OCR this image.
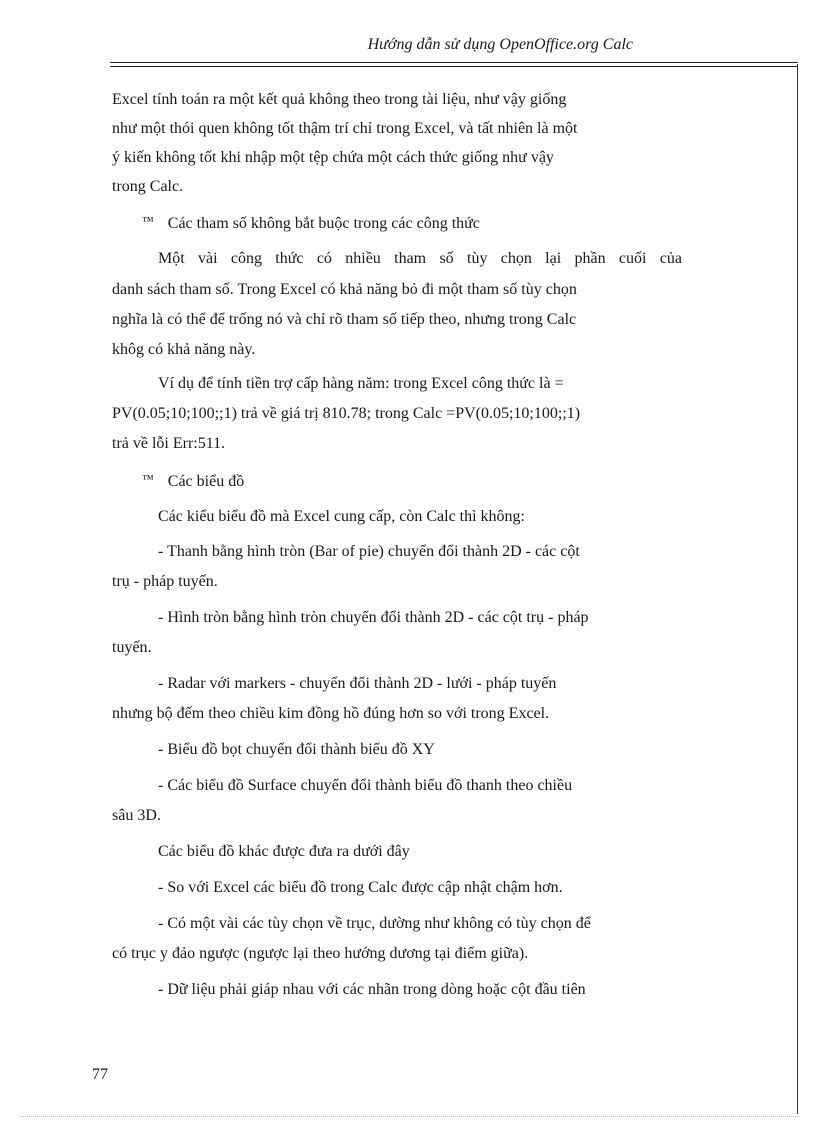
Hướng dẫn sử dụng OpenOffice.org Calc
Excel tính toán ra một kết quả không theo trong tài liệu, như vậy giống
như một thói quen không tốt thậm trí chỉ trong Excel, và tất nhiên là một
ý kiến không tốt khi nhập một tệp chứa một cách thức giống như vậy
trong Calc.
™ Các tham số không bắt buộc trong các công thức
Một vài công thức có nhiều tham số tùy chọn lại phần cuối của
danh sách tham số. Trong Excel có khả năng bỏ đi một tham số tùy chọn
nghĩa là có thể để trống nó và chỉ rõ tham số tiếp theo, nhưng trong Calc
khôg có khả năng này.
Ví dụ để tính tiền trợ cấp hàng năm: trong Excel công thức là =
PV(0.05;10;100;;1) trả về giá trị 810.78; trong Calc =PV(0.05;10;100;;1)
trả về lỗi Err:511.
™ Các biểu đồ
Các kiểu biểu đồ mà Excel cung cấp, còn Calc thì không:
- Thanh bằng hình tròn (Bar of pie) chuyển đổi thành 2D - các cột
trụ - pháp tuyến.
- Hình tròn bằng hình tròn chuyển đổi thành 2D - các cột trụ - pháp
tuyến.
- Radar với markers - chuyển đổi thành 2D - lưới - pháp tuyến
nhưng bộ đếm theo chiều kim đồng hồ đúng hơn so với trong Excel.
- Biểu đồ bọt chuyển đổi thành biểu đồ XY
- Các biểu đồ Surface chuyển đổi thành biểu đồ thanh theo chiều
sâu 3D.
Các biểu đồ khác được đưa ra dưới đây
- So với Excel các biểu đồ trong Calc được cập nhật chậm hơn.
- Có một vài các tùy chọn về trục, dường như không có tùy chọn để
có trục y đảo ngược (ngược lại theo hướng dương tại điểm giữa).
- Dữ liệu phải giáp nhau với các nhãn trong dòng hoặc cột đầu tiên
77
